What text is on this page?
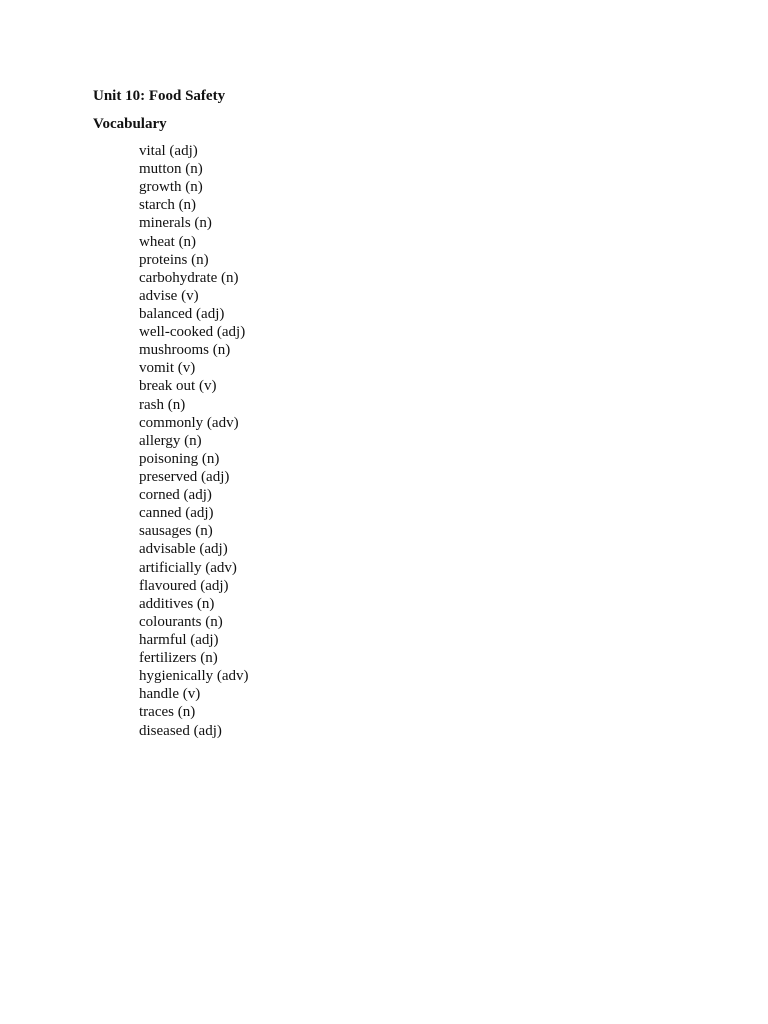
Unit 10: Food Safety
Vocabulary
vital (adj)
mutton (n)
growth (n)
starch (n)
minerals (n)
wheat (n)
proteins (n)
carbohydrate (n)
advise (v)
balanced (adj)
well-cooked (adj)
mushrooms (n)
vomit (v)
break out (v)
rash (n)
commonly (adv)
allergy (n)
poisoning (n)
preserved (adj)
corned (adj)
canned (adj)
sausages (n)
advisable (adj)
artificially (adv)
flavoured (adj)
additives (n)
colourants (n)
harmful (adj)
fertilizers (n)
hygienically (adv)
handle (v)
traces (n)
diseased (adj)
